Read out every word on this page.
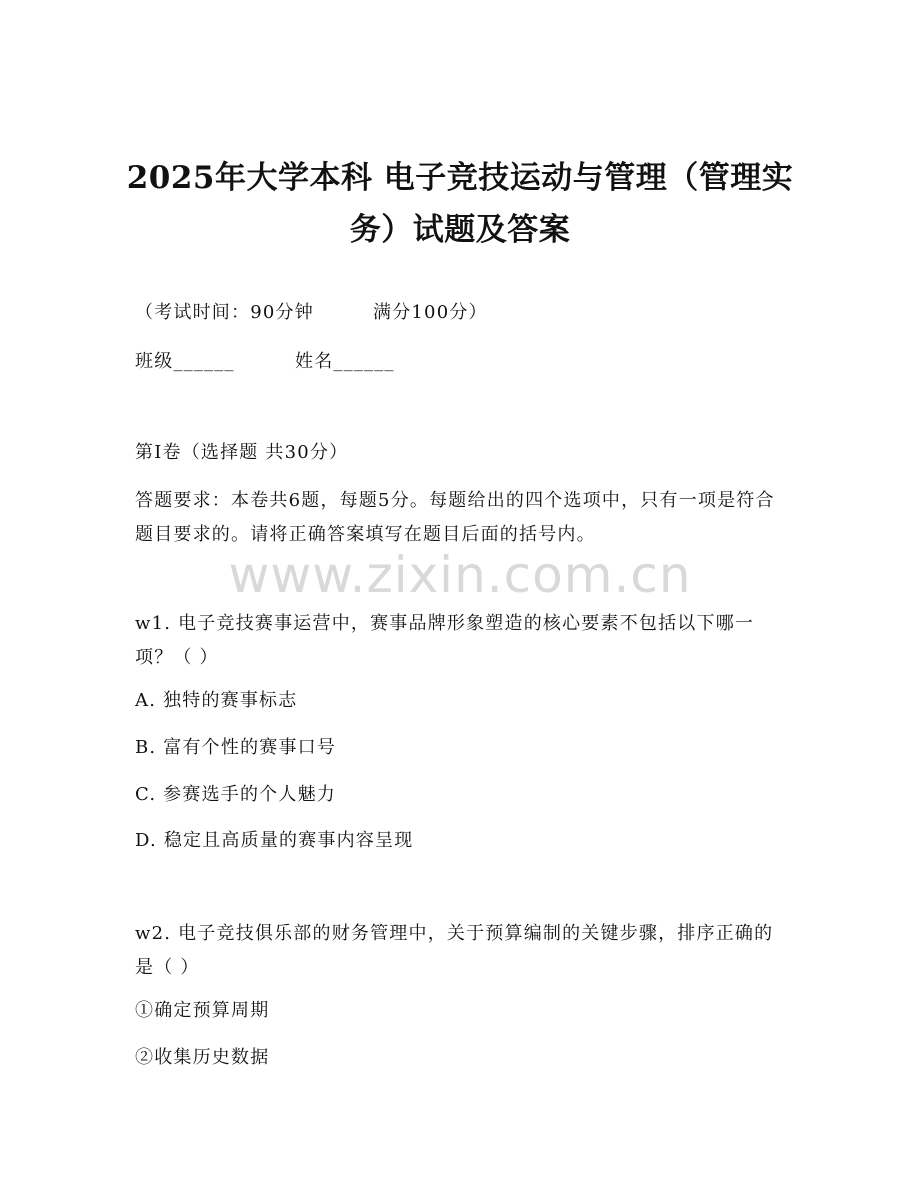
2025年大学本科 电子竞技运动与管理（管理实务）试题及答案
（考试时间：90分钟	满分100分）
班级______	姓名______
第I卷（选择题 共30分）
答题要求：本卷共6题，每题5分。每题给出的四个选项中，只有一项是符合题目要求的。请将正确答案填写在题目后面的括号内。
www.zixin.com.cn
w1. 电子竞技赛事运营中，赛事品牌形象塑造的核心要素不包括以下哪一项？（ ）
A. 独特的赛事标志
B. 富有个性的赛事口号
C. 参赛选手的个人魅力
D. 稳定且高质量的赛事内容呈现
w2. 电子竞技俱乐部的财务管理中，关于预算编制的关键步骤，排序正确的是（ ）
①确定预算周期
②收集历史数据
